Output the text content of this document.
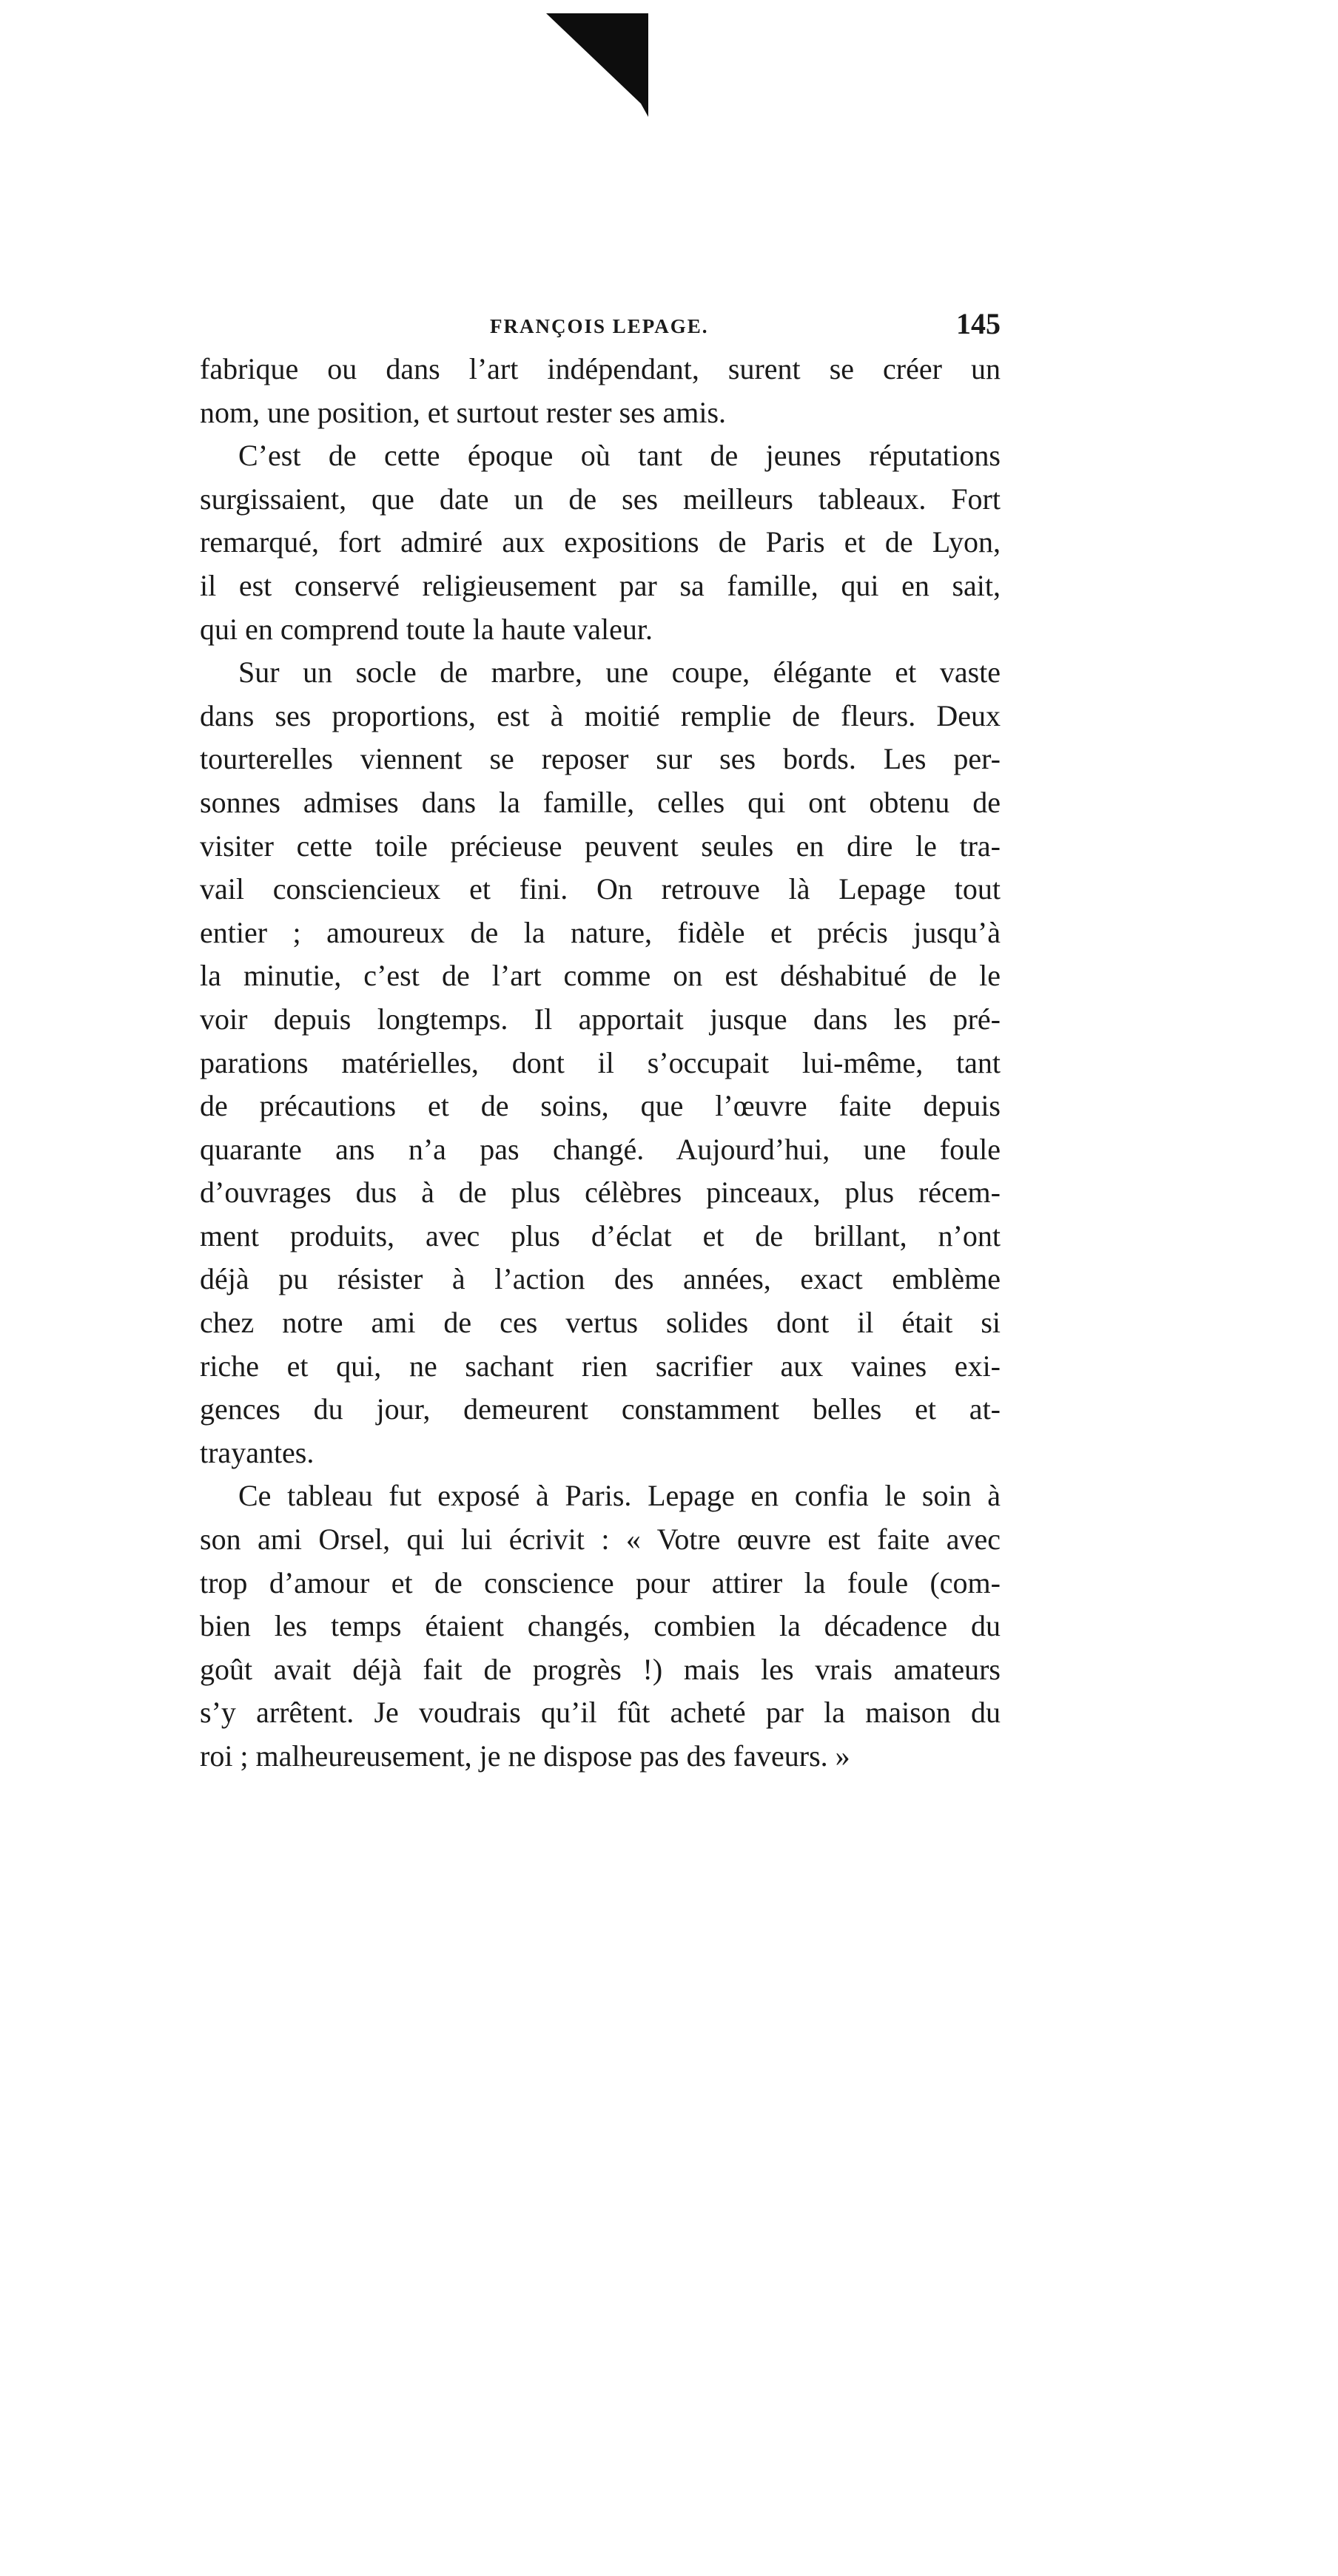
FRANÇOIS LEPAGE.	145
fabrique ou dans l’art indépendant, surent se créer un
nom, une position, et surtout rester ses amis.
C’est de cette époque où tant de jeunes réputations
surgissaient, que date un de ses meilleurs tableaux. Fort
remarqué, fort admiré aux expositions de Paris et de Lyon,
il est conservé religieusement par sa famille, qui en sait,
qui en comprend toute la haute valeur.
Sur un socle de marbre, une coupe, élégante et vaste
dans ses proportions, est à moitié remplie de fleurs. Deux
tourterelles viennent se reposer sur ses bords. Les per-
sonnes admises dans la famille, celles qui ont obtenu de
visiter cette toile précieuse peuvent seules en dire le tra-
vail consciencieux et fini. On retrouve là Lepage tout
entier ; amoureux de la nature, fidèle et précis jusqu’à
la minutie, c’est de l’art comme on est déshabitué de le
voir depuis longtemps. Il apportait jusque dans les pré-
parations matérielles, dont il s’occupait lui-même, tant
de précautions et de soins, que l’œuvre faite depuis
quarante ans n’a pas changé. Aujourd’hui, une foule
d’ouvrages dus à de plus célèbres pinceaux, plus récem-
ment produits, avec plus d’éclat et de brillant, n’ont
déjà pu résister à l’action des années, exact emblème
chez notre ami de ces vertus solides dont il était si
riche et qui, ne sachant rien sacrifier aux vaines exi-
gences du jour, demeurent constamment belles et at-
trayantes.
Ce tableau fut exposé à Paris. Lepage en confia le soin à
son ami Orsel, qui lui écrivit : « Votre œuvre est faite avec
trop d’amour et de conscience pour attirer la foule (com-
bien les temps étaient changés, combien la décadence du
goût avait déjà fait de progrès !) mais les vrais amateurs
s’y arrêtent. Je voudrais qu’il fût acheté par la maison du
roi ; malheureusement, je ne dispose pas des faveurs. »
